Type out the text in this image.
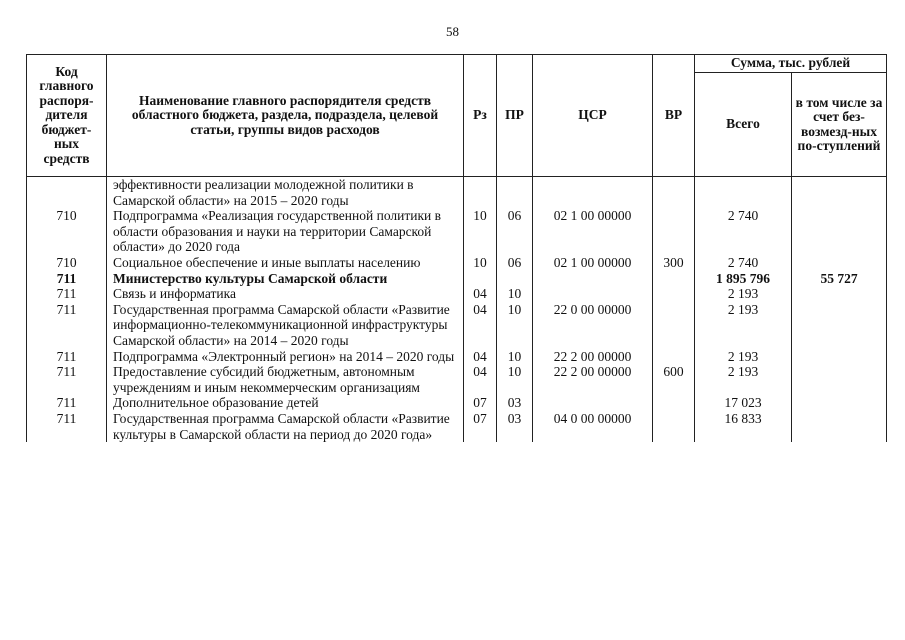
58
Код главного распоря-дителя бюджет-ных средств	Наименование главного распорядителя средств областного бюджета, раздела, подраздела, целевой статьи, группы видов расходов	Рз	ПР	ЦСР	ВР	Сумма, тыс. рублей	
						Всего	в том числе за счет без-возмезд-ных по-ступлений
	эффективности реализации молодежной политики в Самарской области» на 2015 – 2020 годы						
710	Подпрограмма «Реализация государственной политики в области образования и науки на территории Самарской области» до 2020 года	10	06	02 1 00 00000		2 740	
710	Социальное обеспечение и иные выплаты населению	10	06	02 1 00 00000	300	2 740	
711	Министерство культуры Самарской области					1 895 796	55 727
711	Связь и информатика	04	10			2 193	
711	Государственная программа Самарской области «Развитие информационно-телекоммуникационной инфраструктуры Самарской области» на 2014 – 2020 годы	04	10	22 0 00 00000		2 193	
711	Подпрограмма «Электронный регион» на 2014 – 2020 годы	04	10	22 2 00 00000		2 193	
711	Предоставление субсидий бюджетным, автономным учреждениям и иным некоммерческим организациям	04	10	22 2 00 00000	600	2 193	
711	Дополнительное образование детей	07	03			17 023	
711	Государственная программа Самарской области «Развитие культуры в Самарской области на период до 2020 года»	07	03	04 0 00 00000		16 833	
